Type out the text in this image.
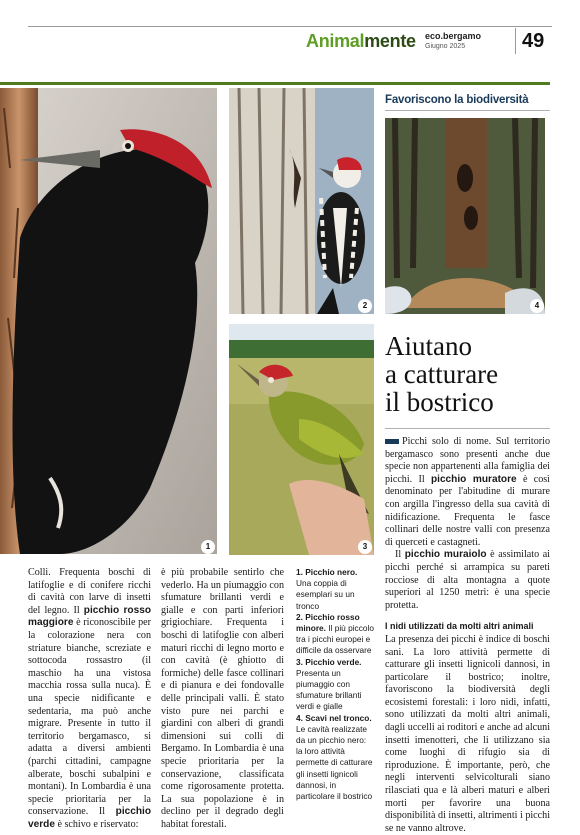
Animalmente eco.bergamo
Giugno 2025	49
1
2
3
Favoriscono la biodiversità
4
Aiutano
a catturare
il bostrico

Picchi solo di nome. Sul territorio bergamasco sono presenti anche due specie non appartenenti alla famiglia dei picchi. Il picchio muratore è così denominato per l'abitudine di murare con argilla l'ingresso della sua cavità di nidificazione. Frequenta le fasce collinari delle nostre valli con presenza di querceti e castagneti.

Il picchio muraiolo è assimilato ai picchi perché si arrampica su pareti rocciose di alta montagna a quote superiori al 1250 metri: è una specie protetta.

I nidi utilizzati da molti altri animali

La presenza dei picchi è indice di boschi sani. La loro attività permette di catturare gli insetti lignicoli dannosi, in particolare il bostrico; inoltre, favoriscono la biodiversità degli ecosistemi forestali: i loro nidi, infatti, sono utilizzati da molti altri animali, dagli uccelli ai roditori e anche ad alcuni insetti imenotteri, che li utilizzano sia come luoghi di rifugio sia di riproduzione. È importante, però, che negli interventi selvicolturali siano rilasciati qua e là alberi maturi e alberi morti per favorire una buona disponibilità di insetti, altrimenti i picchi se ne vanno altrove.

Colli. Frequenta boschi di latifoglie e di conifere ricchi di cavità con larve di insetti del legno. Il picchio rosso maggiore è riconoscibile per la colorazione nera con striature bianche, screziate e sottocoda rossastro (il maschio ha una vistosa macchia rossa sulla nuca). È una specie nidificante e sedentaria, ma può anche migrare. Presente in tutto il territorio bergamasco, si adatta a diversi ambienti (parchi cittadini, campagne alberate, boschi subalpini e montani). In Lombardia è una specie prioritaria per la conservazione. Il picchio verde è schivo e riservato:

è più probabile sentirlo che vederlo. Ha un piumaggio con sfumature brillanti verdi e gialle e con parti inferiori grigiochiare. Frequenta i boschi di latifoglie con alberi maturi ricchi di legno morto e con cavità (è ghiotto di formiche) delle fasce collinari e di pianura e dei fondovalle delle principali valli. È stato visto pure nei parchi e giardini con alberi di grandi dimensioni sui colli di Bergamo. In Lombardia è una specie prioritaria per la conservazione, classificata come rigorosamente protetta. La sua popolazione è in declino per il degrado degli habitat forestali.

1. Picchio nero. Una coppia di esemplari su un tronco

2. Picchio rosso minore. Il più piccolo tra i picchi europei e difficile da osservare

3. Picchio verde. Presenta un piumaggio con sfumature brillanti verdi e gialle

4. Scavi nel tronco. Le cavità realizzate da un picchio nero: la loro attività permette di catturare gli insetti lignicoli dannosi, in particolare il bostrico
